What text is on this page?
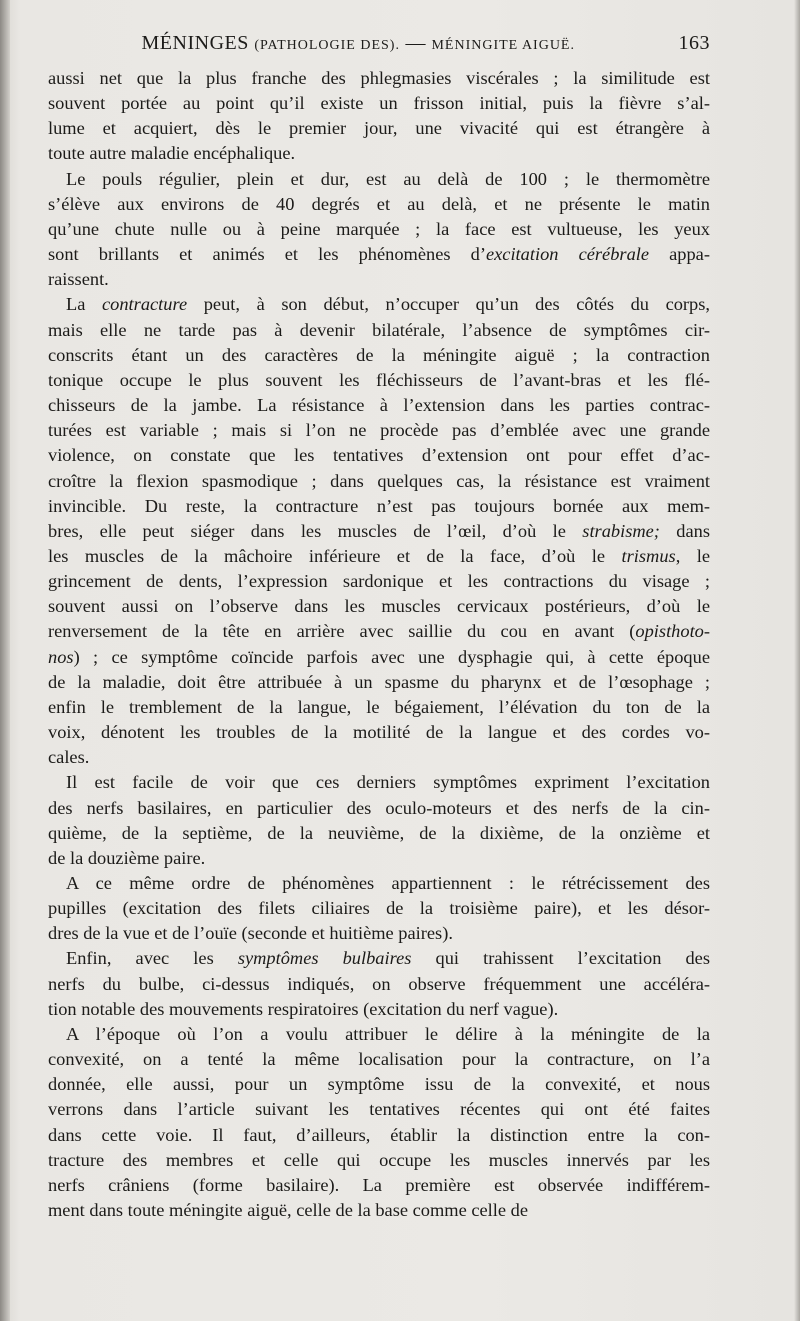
MÉNINGES (PATHOLOGIE DES). — MÉNINGITE AIGUË.	163

aussi net que la plus franche des phlegmasies viscérales ; la similitude est

souvent portée au point qu’il existe un frisson initial, puis la fièvre s’al-

lume et acquiert, dès le premier jour, une vivacité qui est étrangère à

toute autre maladie encéphalique.

Le pouls régulier, plein et dur, est au delà de 100 ; le thermomètre

s’élève aux environs de 40 degrés et au delà, et ne présente le matin

qu’une chute nulle ou à peine marquée ; la face est vultueuse, les yeux

sont brillants et animés et les phénomènes d’excitation cérébrale appa-

raissent.

La contracture peut, à son début, n’occuper qu’un des côtés du corps,

mais elle ne tarde pas à devenir bilatérale, l’absence de symptômes cir-

conscrits étant un des caractères de la méningite aiguë ; la contraction

tonique occupe le plus souvent les fléchisseurs de l’avant-bras et les flé-

chisseurs de la jambe. La résistance à l’extension dans les parties contrac-

turées est variable ; mais si l’on ne procède pas d’emblée avec une grande

violence, on constate que les tentatives d’extension ont pour effet d’ac-

croître la flexion spasmodique ; dans quelques cas, la résistance est vraiment

invincible. Du reste, la contracture n’est pas toujours bornée aux mem-

bres, elle peut siéger dans les muscles de l’œil, d’où le strabisme; dans

les muscles de la mâchoire inférieure et de la face, d’où le trismus, le

grincement de dents, l’expression sardonique et les contractions du visage ;

souvent aussi on l’observe dans les muscles cervicaux postérieurs, d’où le

renversement de la tête en arrière avec saillie du cou en avant (opisthoto-

nos) ; ce symptôme coïncide parfois avec une dysphagie qui, à cette époque

de la maladie, doit être attribuée à un spasme du pharynx et de l’œsophage ;

enfin le tremblement de la langue, le bégaiement, l’élévation du ton de la

voix, dénotent les troubles de la motilité de la langue et des cordes vo-

cales.

Il est facile de voir que ces derniers symptômes expriment l’excitation

des nerfs basilaires, en particulier des oculo-moteurs et des nerfs de la cin-

quième, de la septième, de la neuvième, de la dixième, de la onzième et

de la douzième paire.

A ce même ordre de phénomènes appartiennent : le rétrécissement des

pupilles (excitation des filets ciliaires de la troisième paire), et les désor-

dres de la vue et de l’ouïe (seconde et huitième paires).

Enfin, avec les symptômes bulbaires qui trahissent l’excitation des

nerfs du bulbe, ci-dessus indiqués, on observe fréquemment une accéléra-

tion notable des mouvements respiratoires (excitation du nerf vague).

A l’époque où l’on a voulu attribuer le délire à la méningite de la

convexité, on a tenté la même localisation pour la contracture, on l’a

donnée, elle aussi, pour un symptôme issu de la convexité, et nous

verrons dans l’article suivant les tentatives récentes qui ont été faites

dans cette voie. Il faut, d’ailleurs, établir la distinction entre la con-

tracture des membres et celle qui occupe les muscles innervés par les

nerfs crâniens (forme basilaire). La première est observée indifférem-

ment dans toute méningite aiguë, celle de la base comme celle de
